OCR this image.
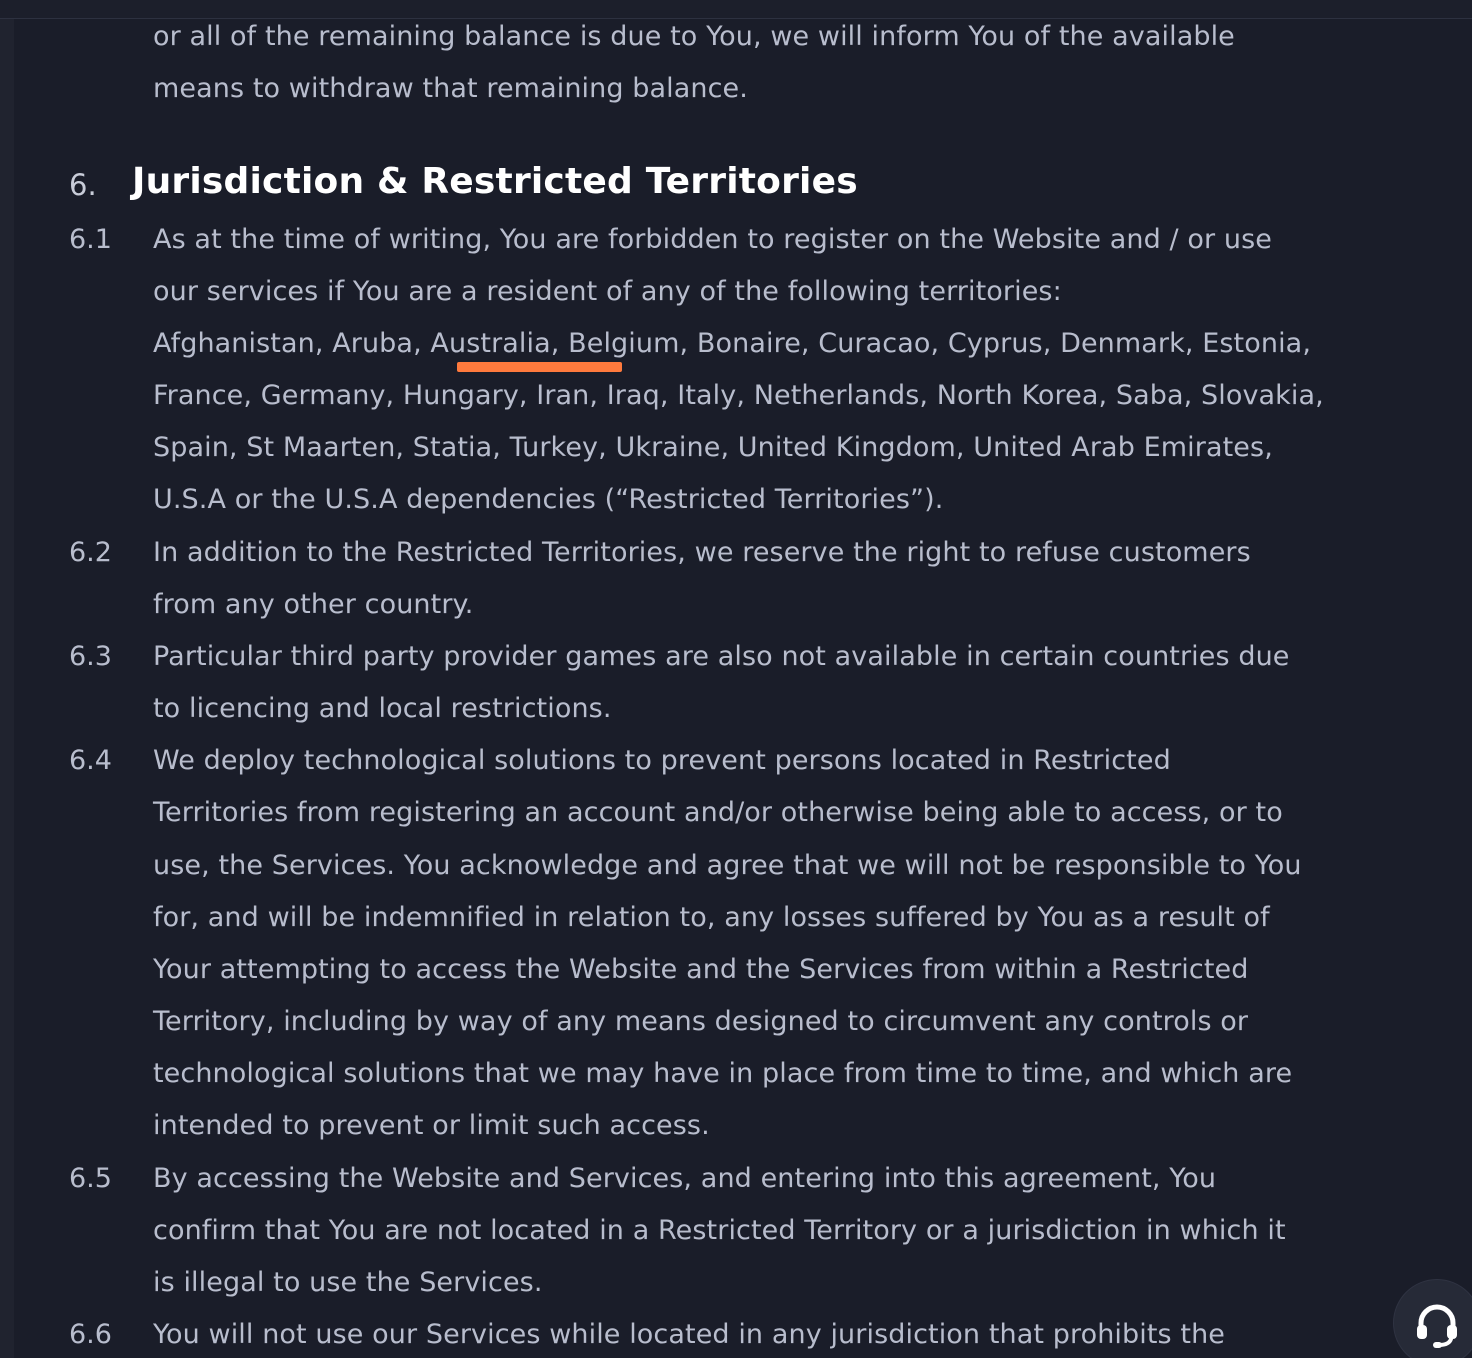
or all of the remaining balance is due to You, we will inform You of the available
means to withdraw that remaining balance.
6. Jurisdiction & Restricted Territories
6.1 As at the time of writing, You are forbidden to register on the Website and / or use
our services if You are a resident of any of the following territories:
Afghanistan, Aruba, Australia, Belgium, Bonaire, Curacao, Cyprus, Denmark, Estonia,
France, Germany, Hungary, Iran, Iraq, Italy, Netherlands, North Korea, Saba, Slovakia,
Spain, St Maarten, Statia, Turkey, Ukraine, United Kingdom, United Arab Emirates,
U.S.A or the U.S.A dependencies (“Restricted Territories”).
6.2 In addition to the Restricted Territories, we reserve the right to refuse customers
from any other country.
6.3 Particular third party provider games are also not available in certain countries due
to licencing and local restrictions.
6.4 We deploy technological solutions to prevent persons located in Restricted
Territories from registering an account and/or otherwise being able to access, or to
use, the Services. You acknowledge and agree that we will not be responsible to You
for, and will be indemnified in relation to, any losses suffered by You as a result of
Your attempting to access the Website and the Services from within a Restricted
Territory, including by way of any means designed to circumvent any controls or
technological solutions that we may have in place from time to time, and which are
intended to prevent or limit such access.
6.5 By accessing the Website and Services, and entering into this agreement, You
confirm that You are not located in a Restricted Territory or a jurisdiction in which it
is illegal to use the Services.
6.6 You will not use our Services while located in any jurisdiction that prohibits the
